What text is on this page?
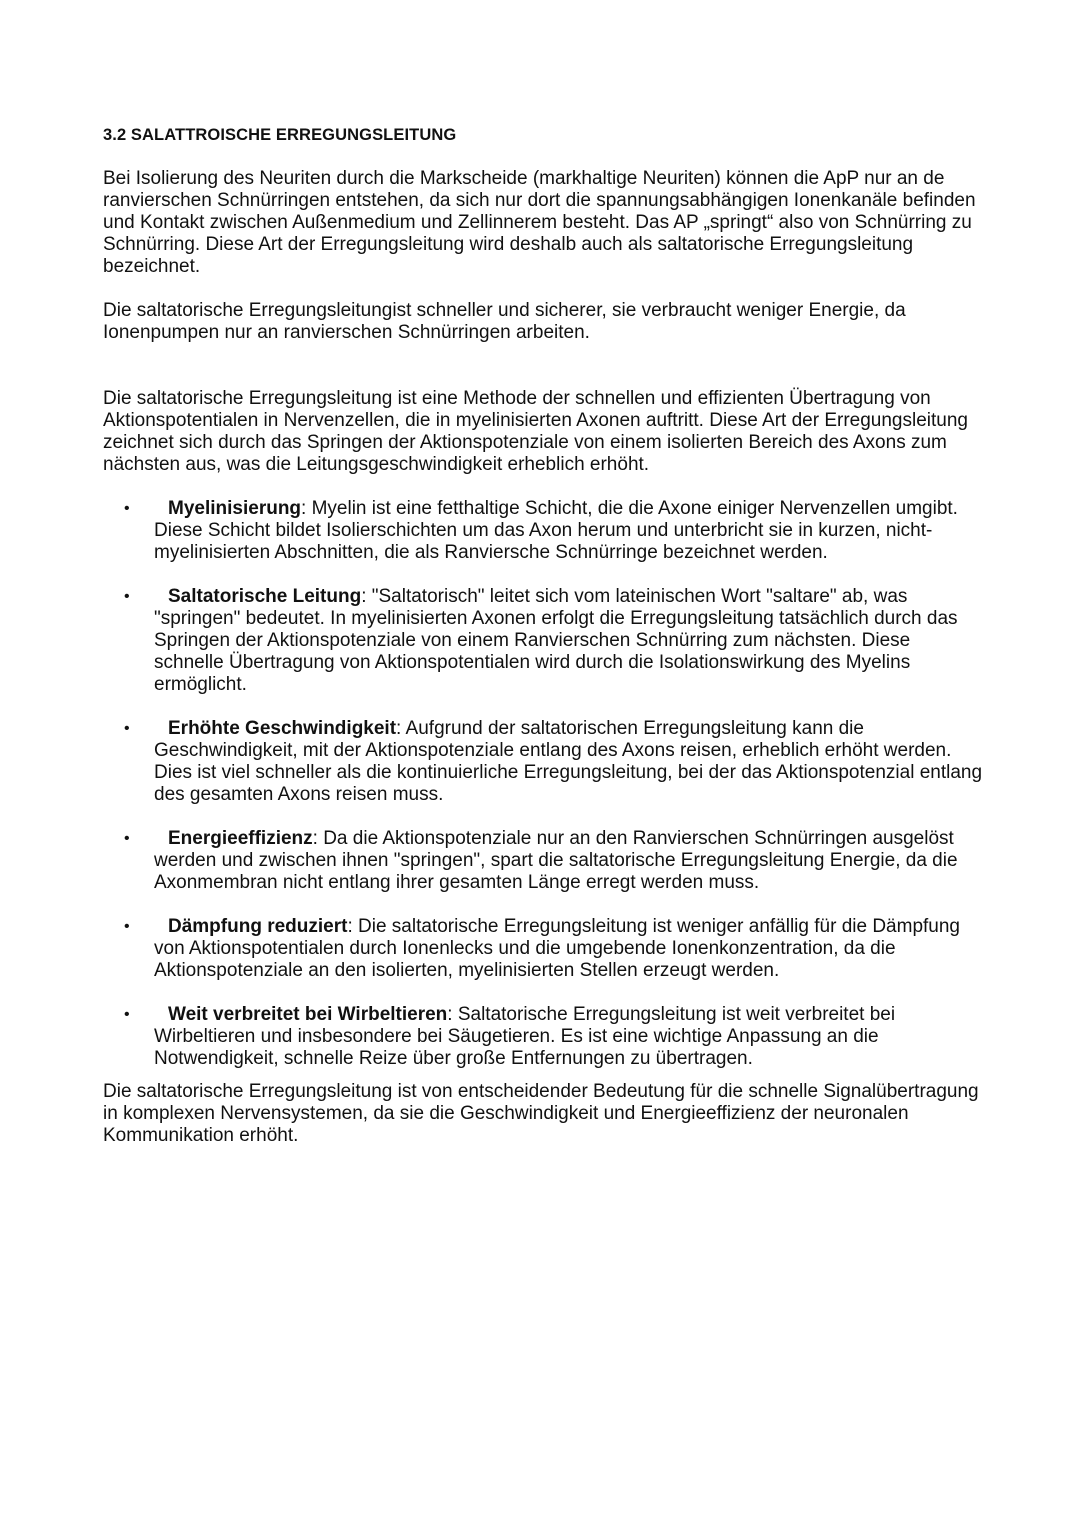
3.2 SALATTROISCHE ERREGUNGSLEITUNG

Bei Isolierung des Neuriten durch die Markscheide (markhaltige Neuriten) können die ApP nur an de ranvierschen Schnürringen entstehen, da sich nur dort die spannungsabhängigen Ionenkanäle befinden und Kontakt zwischen Außenmedium und Zellinnerem besteht. Das AP „springt“ also von Schnürring zu Schnürring. Diese Art der Erregungsleitung wird deshalb auch als saltatorische Erregungsleitung bezeichnet.

Die saltatorische Erregungsleitungist schneller und sicherer, sie verbraucht weniger Energie, da Ionenpumpen nur an ranvierschen Schnürringen arbeiten.

Die saltatorische Erregungsleitung ist eine Methode der schnellen und effizienten Übertragung von Aktionspotentialen in Nervenzellen, die in myelinisierten Axonen auftritt. Diese Art der Erregungsleitung zeichnet sich durch das Springen der Aktionspotenziale von einem isolierten Bereich des Axons zum nächsten aus, was die Leitungsgeschwindigkeit erheblich erhöht.

• Myelinisierung: Myelin ist eine fetthaltige Schicht, die die Axone einiger Nervenzellen umgibt. Diese Schicht bildet Isolierschichten um das Axon herum und unterbricht sie in kurzen, nicht-myelinisierten Abschnitten, die als Ranviersche Schnürringe bezeichnet werden.
• Saltatorische Leitung: "Saltatorisch" leitet sich vom lateinischen Wort "saltare" ab, was "springen" bedeutet. In myelinisierten Axonen erfolgt die Erregungsleitung tatsächlich durch das Springen der Aktionspotenziale von einem Ranvierschen Schnürring zum nächsten. Diese schnelle Übertragung von Aktionspotentialen wird durch die Isolationswirkung des Myelins ermöglicht.
• Erhöhte Geschwindigkeit: Aufgrund der saltatorischen Erregungsleitung kann die Geschwindigkeit, mit der Aktionspotenziale entlang des Axons reisen, erheblich erhöht werden. Dies ist viel schneller als die kontinuierliche Erregungsleitung, bei der das Aktionspotenzial entlang des gesamten Axons reisen muss.
• Energieeffizienz: Da die Aktionspotenziale nur an den Ranvierschen Schnürringen ausgelöst werden und zwischen ihnen "springen", spart die saltatorische Erregungsleitung Energie, da die Axonmembran nicht entlang ihrer gesamten Länge erregt werden muss.
• Dämpfung reduziert: Die saltatorische Erregungsleitung ist weniger anfällig für die Dämpfung von Aktionspotentialen durch Ionenlecks und die umgebende Ionenkonzentration, da die Aktionspotenziale an den isolierten, myelinisierten Stellen erzeugt werden.
• Weit verbreitet bei Wirbeltieren: Saltatorische Erregungsleitung ist weit verbreitet bei Wirbeltieren und insbesondere bei Säugetieren. Es ist eine wichtige Anpassung an die Notwendigkeit, schnelle Reize über große Entfernungen zu übertragen.

Die saltatorische Erregungsleitung ist von entscheidender Bedeutung für die schnelle Signalübertragung in komplexen Nervensystemen, da sie die Geschwindigkeit und Energieeffizienz der neuronalen Kommunikation erhöht.
